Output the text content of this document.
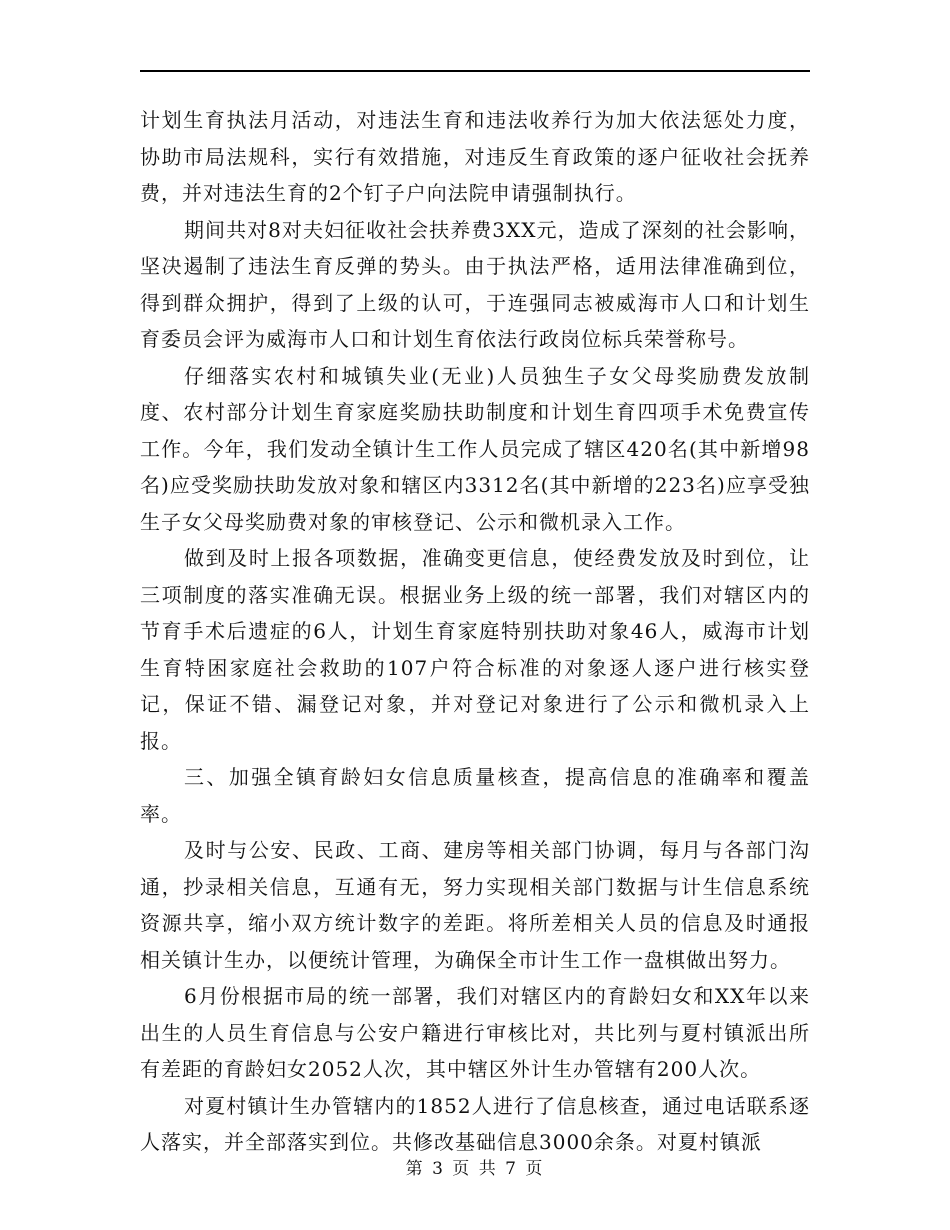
计划生育执法月活动，对违法生育和违法收养行为加大依法惩处力度，协助市局法规科，实行有效措施，对违反生育政策的逐户征收社会抚养费，并对违法生育的2个钉子户向法院申请强制执行。

期间共对8对夫妇征收社会扶养费3XX元，造成了深刻的社会影响，坚决遏制了违法生育反弹的势头。由于执法严格，适用法律准确到位，得到群众拥护，得到了上级的认可，于连强同志被威海市人口和计划生育委员会评为威海市人口和计划生育依法行政岗位标兵荣誉称号。

仔细落实农村和城镇失业(无业)人员独生子女父母奖励费发放制度、农村部分计划生育家庭奖励扶助制度和计划生育四项手术免费宣传工作。今年，我们发动全镇计生工作人员完成了辖区420名(其中新增98名)应受奖励扶助发放对象和辖区内3312名(其中新增的223名)应享受独生子女父母奖励费对象的审核登记、公示和微机录入工作。

做到及时上报各项数据，准确变更信息，使经费发放及时到位，让三项制度的落实准确无误。根据业务上级的统一部署，我们对辖区内的节育手术后遗症的6人，计划生育家庭特别扶助对象46人，威海市计划生育特困家庭社会救助的107户符合标准的对象逐人逐户进行核实登记，保证不错、漏登记对象，并对登记对象进行了公示和微机录入上报。

三、加强全镇育龄妇女信息质量核查，提高信息的准确率和覆盖率。

及时与公安、民政、工商、建房等相关部门协调，每月与各部门沟通，抄录相关信息，互通有无，努力实现相关部门数据与计生信息系统资源共享，缩小双方统计数字的差距。将所差相关人员的信息及时通报相关镇计生办，以便统计管理，为确保全市计生工作一盘棋做出努力。

6月份根据市局的统一部署，我们对辖区内的育龄妇女和XX年以来出生的人员生育信息与公安户籍进行审核比对，共比列与夏村镇派出所有差距的育龄妇女2052人次，其中辖区外计生办管辖有200人次。

对夏村镇计生办管辖内的1852人进行了信息核查，通过电话联系逐人落实，并全部落实到位。共修改基础信息3000余条。对夏村镇派

第 3 页 共 7 页
